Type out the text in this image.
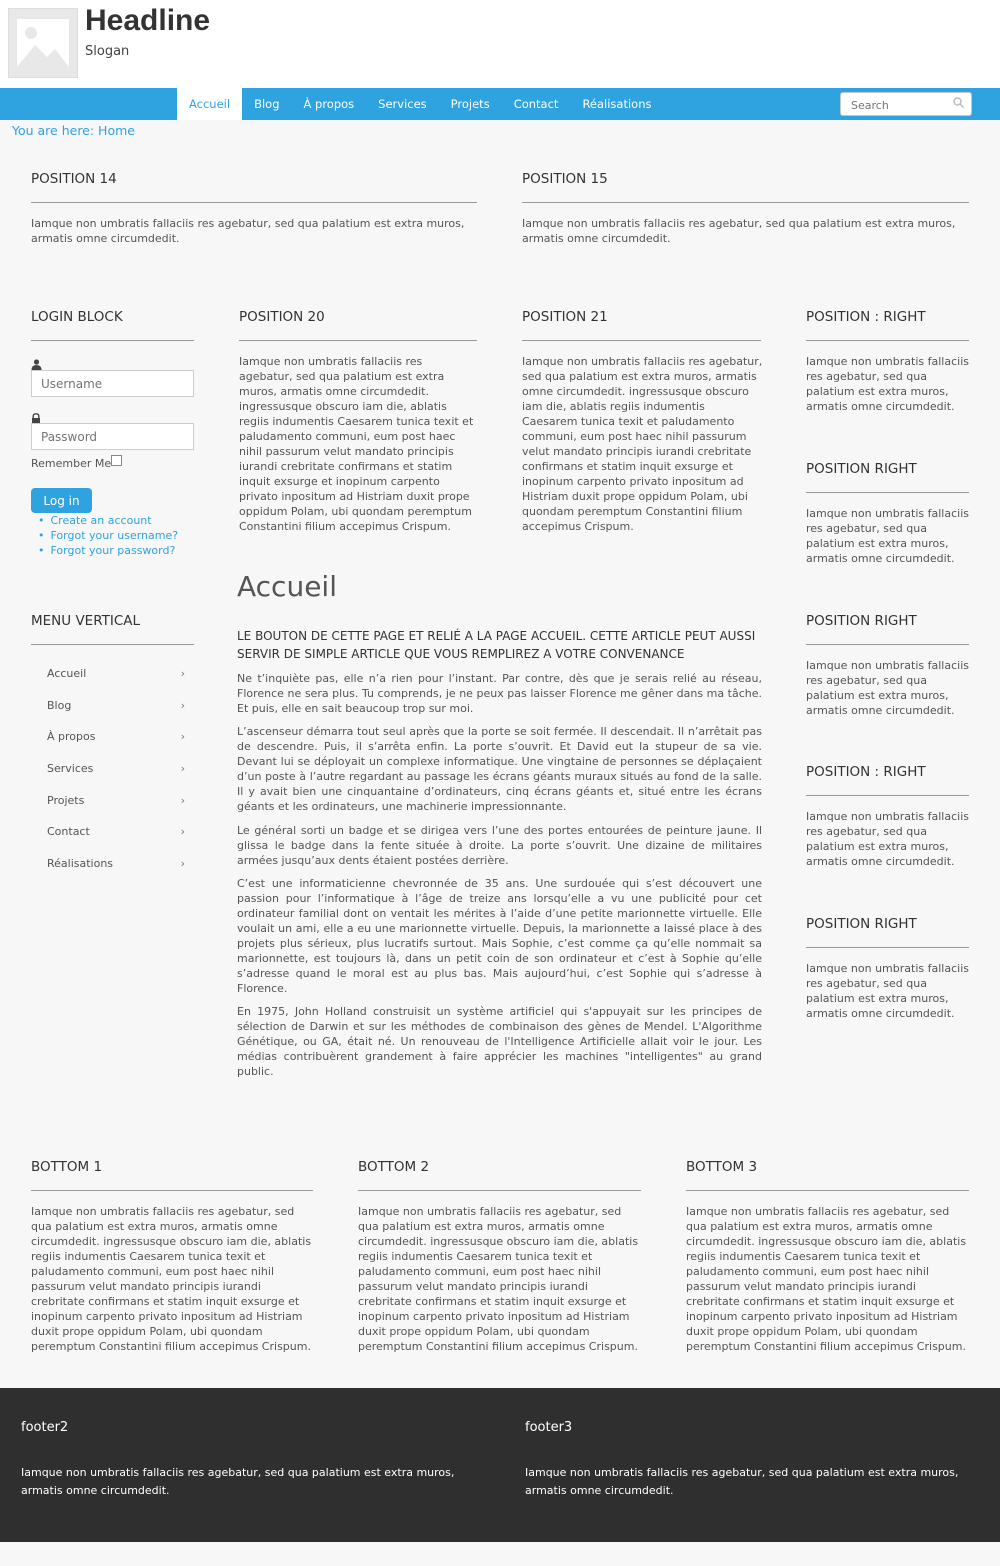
Headline
Slogan
Accueil	Blog	À propos	Services	Projets	Contact	Réalisations
Search
You are here: Home
POSITION 14
Iamque non umbratis fallaciis res agebatur, sed qua palatium est extra muros, armatis omne circumdedit.
POSITION 15
Iamque non umbratis fallaciis res agebatur, sed qua palatium est extra muros, armatis omne circumdedit.
LOGIN BLOCK
Username
Password
Remember Me
Log in
• Create an account
• Forgot your username?
• Forgot your password?
MENU VERTICAL
Accueil	›
Blog	›
À propos	›
Services	›
Projets	›
Contact	›
Réalisations	›
POSITION 20
Iamque non umbratis fallaciis res agebatur, sed qua palatium est extra muros, armatis omne circumdedit. ingressusque obscuro iam die, ablatis regiis indumentis Caesarem tunica texit et paludamento communi, eum post haec nihil passurum velut mandato principis iurandi crebritate confirmans et statim inquit exsurge et inopinum carpento privato inpositum ad Histriam duxit prope oppidum Polam, ubi quondam peremptum Constantini filium accepimus Crispum.
POSITION 21
Iamque non umbratis fallaciis res agebatur, sed qua palatium est extra muros, armatis omne circumdedit. ingressusque obscuro iam die, ablatis regiis indumentis Caesarem tunica texit et paludamento communi, eum post haec nihil passurum velut mandato principis iurandi crebritate confirmans et statim inquit exsurge et inopinum carpento privato inpositum ad Histriam duxit prope oppidum Polam, ubi quondam peremptum Constantini filium accepimus Crispum.
Accueil
LE BOUTON DE CETTE PAGE ET RELIÉ A LA PAGE ACCUEIL. CETTE ARTICLE PEUT AUSSI SERVIR DE SIMPLE ARTICLE QUE VOUS REMPLIREZ A VOTRE CONVENANCE
Ne t’inquiète pas, elle n’a rien pour l’instant. Par contre, dès que je serais relié au réseau, Florence ne sera plus. Tu comprends, je ne peux pas laisser Florence me gêner dans ma tâche. Et puis, elle en sait beaucoup trop sur moi.
L’ascenseur démarra tout seul après que la porte se soit fermée. Il descendait. Il n’arrêtait pas de descendre. Puis, il s’arrêta enfin. La porte s’ouvrit. Et David eut la stupeur de sa vie. Devant lui se déployait un complexe informatique. Une vingtaine de personnes se déplaçaient d’un poste à l’autre regardant au passage les écrans géants muraux situés au fond de la salle. Il y avait bien une cinquantaine d’ordinateurs, cinq écrans géants et, situé entre les écrans géants et les ordinateurs, une machinerie impressionnante.
Le général sorti un badge et se dirigea vers l’une des portes entourées de peinture jaune. Il glissa le badge dans la fente située à droite. La porte s’ouvrit. Une dizaine de militaires armées jusqu’aux dents étaient postées derrière.
C’est une informaticienne chevronnée de 35 ans. Une surdouée qui s’est découvert une passion pour l’informatique à l’âge de treize ans lorsqu’elle a vu une publicité pour cet ordinateur familial dont on ventait les mérites à l’aide d’une petite marionnette virtuelle. Elle voulait un ami, elle a eu une marionnette virtuelle. Depuis, la marionnette a laissé place à des projets plus sérieux, plus lucratifs surtout. Mais Sophie, c’est comme ça qu’elle nommait sa marionnette, est toujours là, dans un petit coin de son ordinateur et c’est à Sophie qu’elle s’adresse quand le moral est au plus bas. Mais aujourd’hui, c’est Sophie qui s’adresse à Florence.
En 1975, John Holland construisit un système artificiel qui s'appuyait sur les principes de sélection de Darwin et sur les méthodes de combinaison des gènes de Mendel. L'Algorithme Génétique, ou GA, était né. Un renouveau de l'Intelligence Artificielle allait voir le jour. Les médias contribuèrent grandement à faire apprécier les machines "intelligentes" au grand public.
POSITION : RIGHT
Iamque non umbratis fallaciis res agebatur, sed qua palatium est extra muros, armatis omne circumdedit.
POSITION RIGHT
Iamque non umbratis fallaciis res agebatur, sed qua palatium est extra muros, armatis omne circumdedit.
POSITION RIGHT
Iamque non umbratis fallaciis res agebatur, sed qua palatium est extra muros, armatis omne circumdedit.
POSITION : RIGHT
Iamque non umbratis fallaciis res agebatur, sed qua palatium est extra muros, armatis omne circumdedit.
POSITION RIGHT
Iamque non umbratis fallaciis res agebatur, sed qua palatium est extra muros, armatis omne circumdedit.
BOTTOM 1
Iamque non umbratis fallaciis res agebatur, sed qua palatium est extra muros, armatis omne circumdedit. ingressusque obscuro iam die, ablatis regiis indumentis Caesarem tunica texit et paludamento communi, eum post haec nihil passurum velut mandato principis iurandi crebritate confirmans et statim inquit exsurge et inopinum carpento privato inpositum ad Histriam duxit prope oppidum Polam, ubi quondam peremptum Constantini filium accepimus Crispum.
BOTTOM 2
Iamque non umbratis fallaciis res agebatur, sed qua palatium est extra muros, armatis omne circumdedit. ingressusque obscuro iam die, ablatis regiis indumentis Caesarem tunica texit et paludamento communi, eum post haec nihil passurum velut mandato principis iurandi crebritate confirmans et statim inquit exsurge et inopinum carpento privato inpositum ad Histriam duxit prope oppidum Polam, ubi quondam peremptum Constantini filium accepimus Crispum.
BOTTOM 3
Iamque non umbratis fallaciis res agebatur, sed qua palatium est extra muros, armatis omne circumdedit. ingressusque obscuro iam die, ablatis regiis indumentis Caesarem tunica texit et paludamento communi, eum post haec nihil passurum velut mandato principis iurandi crebritate confirmans et statim inquit exsurge et inopinum carpento privato inpositum ad Histriam duxit prope oppidum Polam, ubi quondam peremptum Constantini filium accepimus Crispum.
footer2
Iamque non umbratis fallaciis res agebatur, sed qua palatium est extra muros, armatis omne circumdedit.
footer3
Iamque non umbratis fallaciis res agebatur, sed qua palatium est extra muros, armatis omne circumdedit.
